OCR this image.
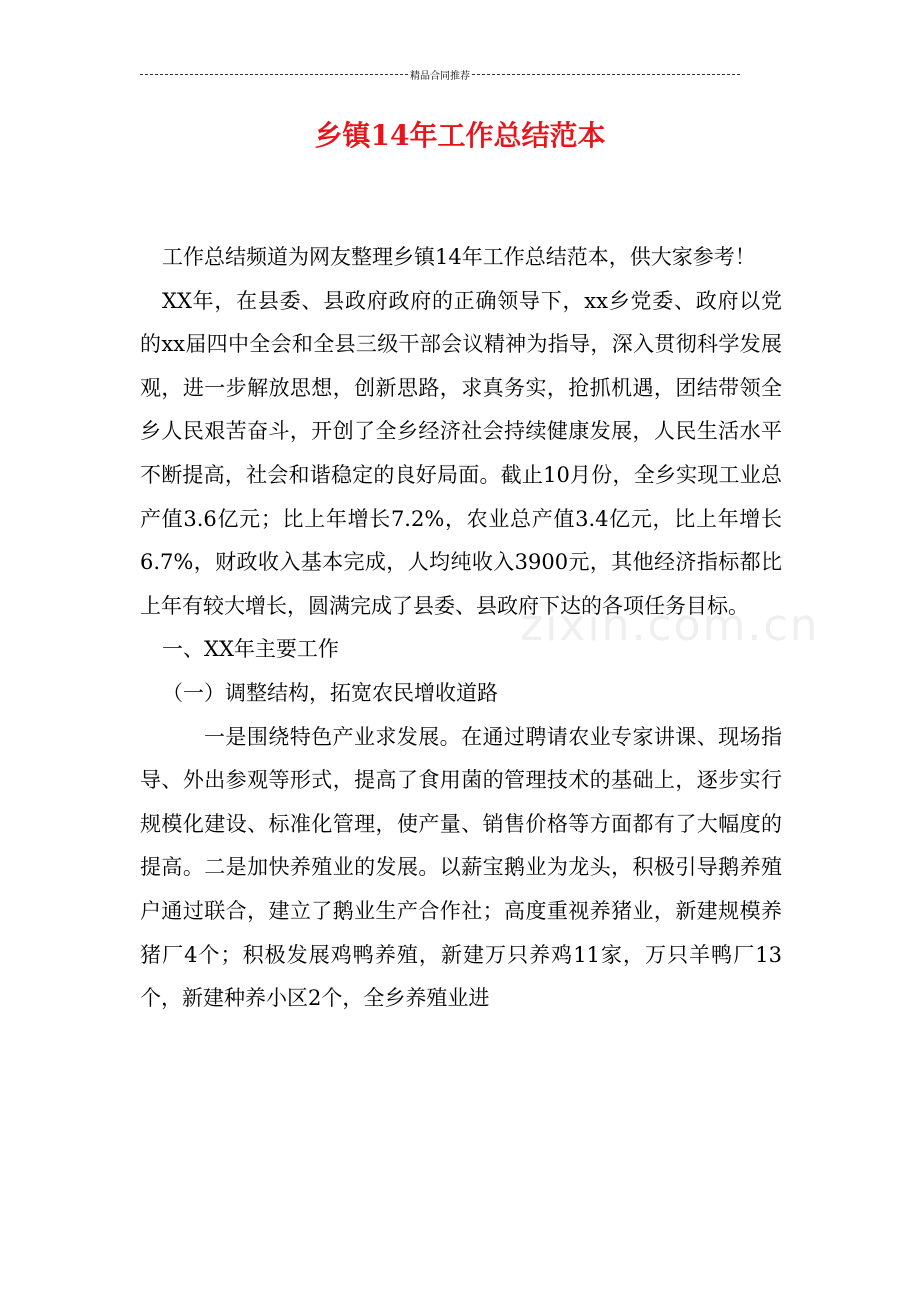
精品合同推荐
乡镇14年工作总结范本
zixin.com.cn

工作总结频道为网友整理乡镇14年工作总结范本，供大家参考！

XX年，在县委、县政府政府的正确领导下，xx乡党委、政府以党的xx届四中全会和全县三级干部会议精神为指导，深入贯彻科学发展观，进一步解放思想，创新思路，求真务实，抢抓机遇，团结带领全乡人民艰苦奋斗，开创了全乡经济社会持续健康发展，人民生活水平不断提高，社会和谐稳定的良好局面。截止10月份，全乡实现工业总产值3.6亿元；比上年增长7.2%，农业总产值3.4亿元，比上年增长6.7%，财政收入基本完成，人均纯收入3900元，其他经济指标都比上年有较大增长，圆满完成了县委、县政府下达的各项任务目标。

一、XX年主要工作

（一）调整结构，拓宽农民增收道路

一是围绕特色产业求发展。在通过聘请农业专家讲课、现场指导、外出参观等形式，提高了食用菌的管理技术的基础上，逐步实行规模化建设、标准化管理，使产量、销售价格等方面都有了大幅度的提高。二是加快养殖业的发展。以薪宝鹅业为龙头，积极引导鹅养殖户通过联合，建立了鹅业生产合作社；高度重视养猪业，新建规模养猪厂4个；积极发展鸡鸭养殖，新建万只养鸡11家，万只羊鸭厂13个，新建种养小区2个，全乡养殖业进
